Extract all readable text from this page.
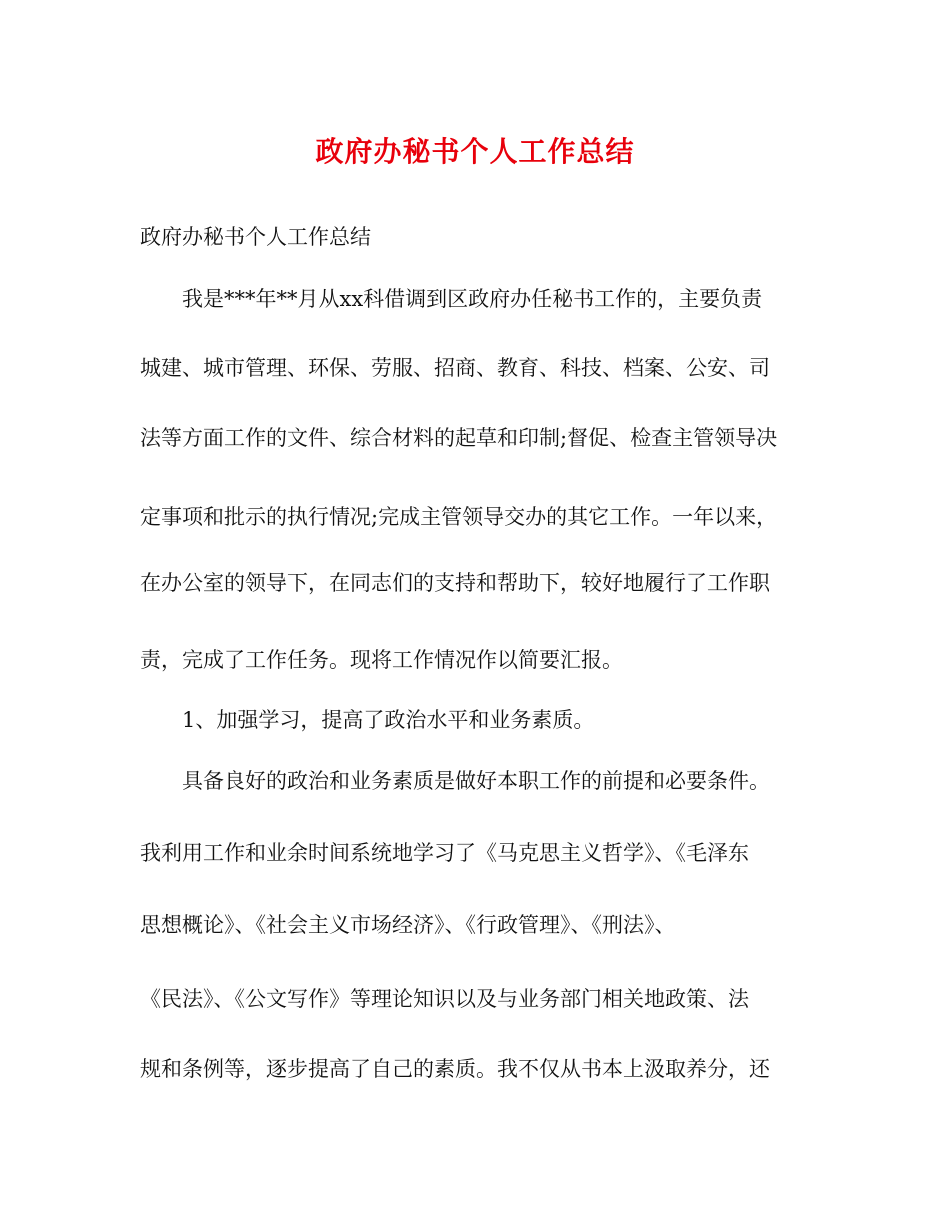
政府办秘书个人工作总结
政府办秘书个人工作总结
我是***年**月从xx科借调到区政府办任秘书工作的，主要负责
城建、城市管理、环保、劳服、招商、教育、科技、档案、公安、司
法等方面工作的文件、综合材料的起草和印制;督促、检查主管领导决
定事项和批示的执行情况;完成主管领导交办的其它工作。一年以来，
在办公室的领导下，在同志们的支持和帮助下，较好地履行了工作职
责，完成了工作任务。现将工作情况作以简要汇报。
1、加强学习，提高了政治水平和业务素质。
具备良好的政治和业务素质是做好本职工作的前提和必要条件。
我利用工作和业余时间系统地学习了《马克思主义哲学》、《毛泽东
思想概论》、《社会主义市场经济》、《行政管理》、《刑法》、
《民法》、《公文写作》等理论知识以及与业务部门相关地政策、法
规和条例等，逐步提高了自己的素质。我不仅从书本上汲取养分，还
